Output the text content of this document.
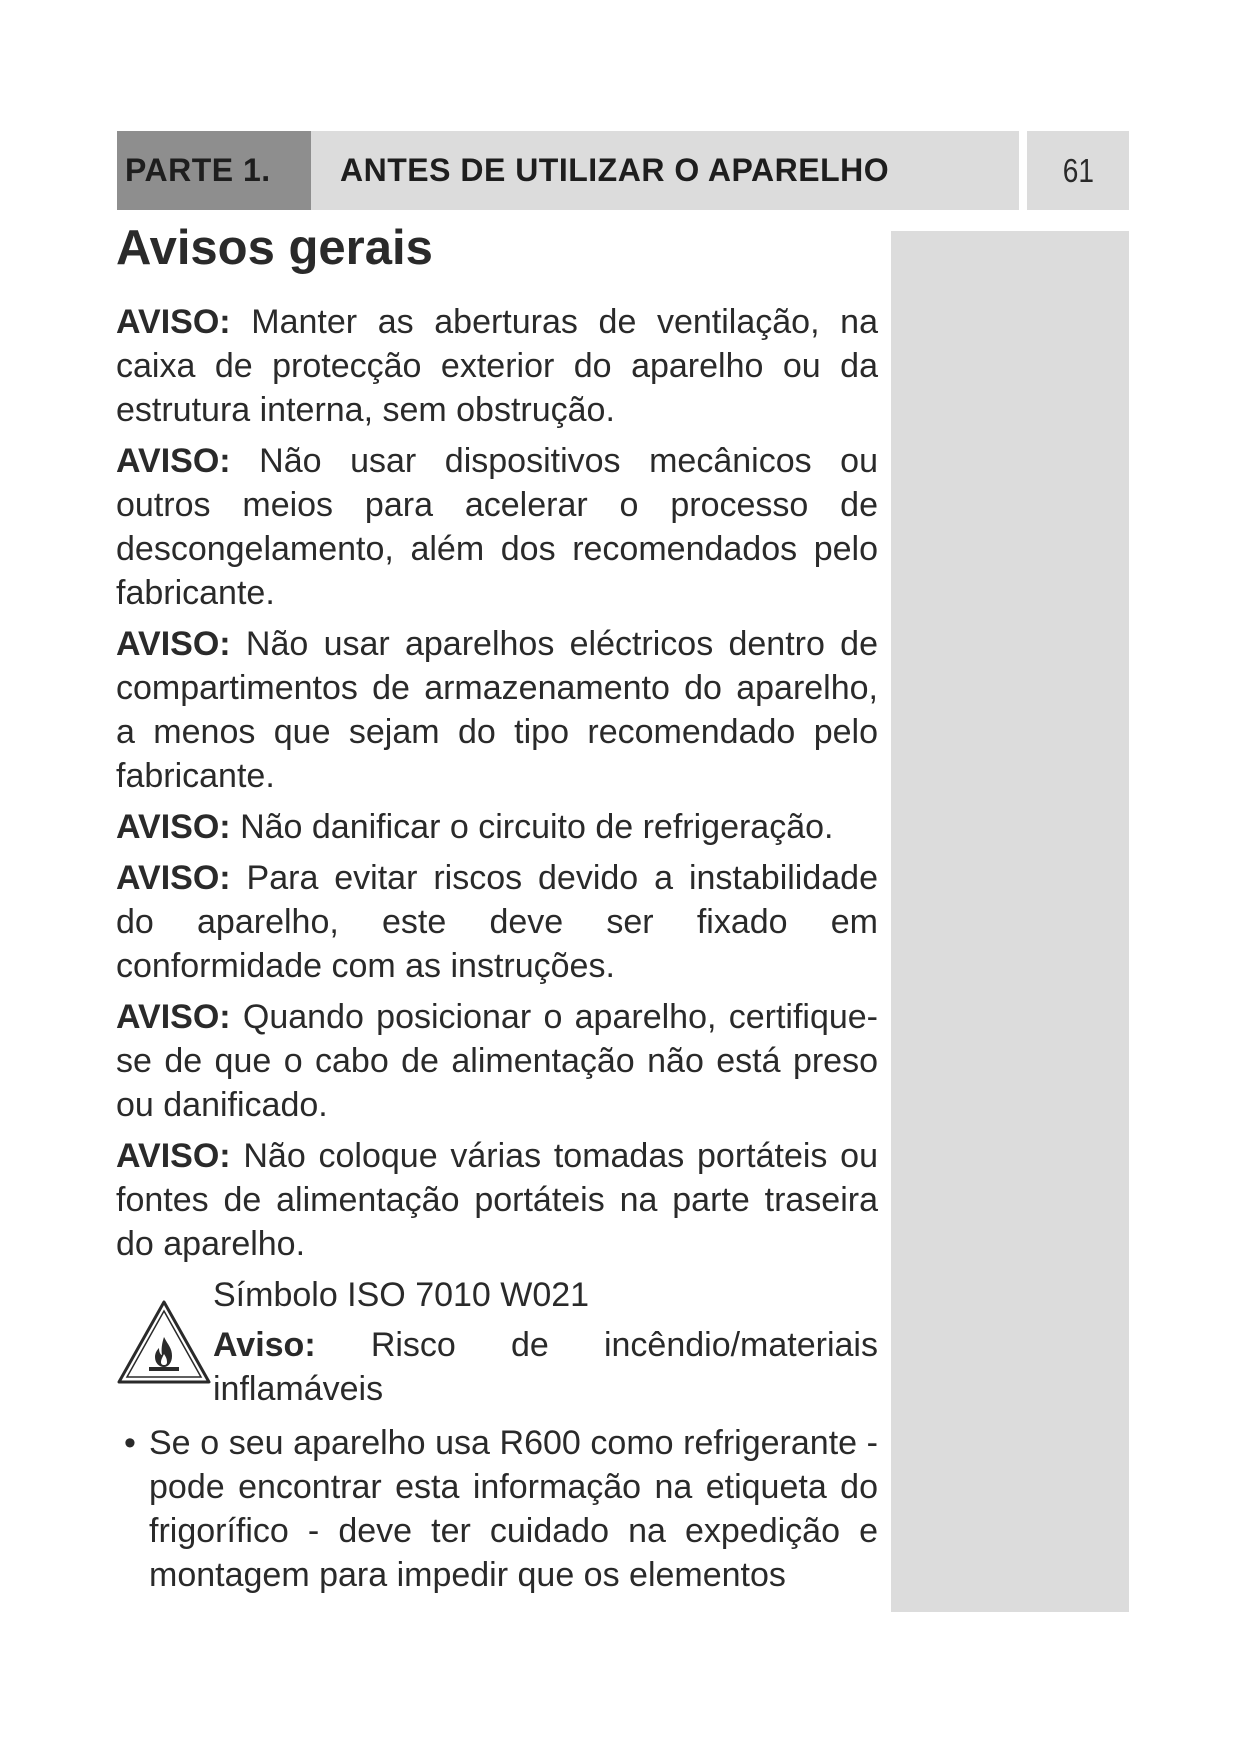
PARTE 1. ANTES DE UTILIZAR O APARELHO	61
Avisos gerais

AVISO: Manter as aberturas de ventilação, na caixa de protecção exterior do aparelho ou da estrutura interna, sem obstrução.

AVISO: Não usar dispositivos mecânicos ou outros meios para acelerar o processo de descongelamento, além dos recomendados pelo fabricante.

AVISO: Não usar aparelhos eléctricos dentro de compartimentos de armazenamento do aparelho, a menos que sejam do tipo recomendado pelo fabricante.

AVISO: Não danificar o circuito de refrigeração.

AVISO: Para evitar riscos devido a instabilidade do aparelho, este deve ser fixado em conformidade com as instruções.

AVISO: Quando posicionar o aparelho, certifique-se de que o cabo de alimentação não está preso ou danificado.

AVISO: Não coloque várias tomadas portáteis ou fontes de alimentação portáteis na parte traseira do aparelho.

Símbolo ISO 7010 W021
Aviso: Risco de incêndio/materiais inflamáveis
• Se o seu aparelho usa R600 como refrigerante - pode encontrar esta informação na etiqueta do frigorífico - deve ter cuidado na expedição e montagem para impedir que os elementos
